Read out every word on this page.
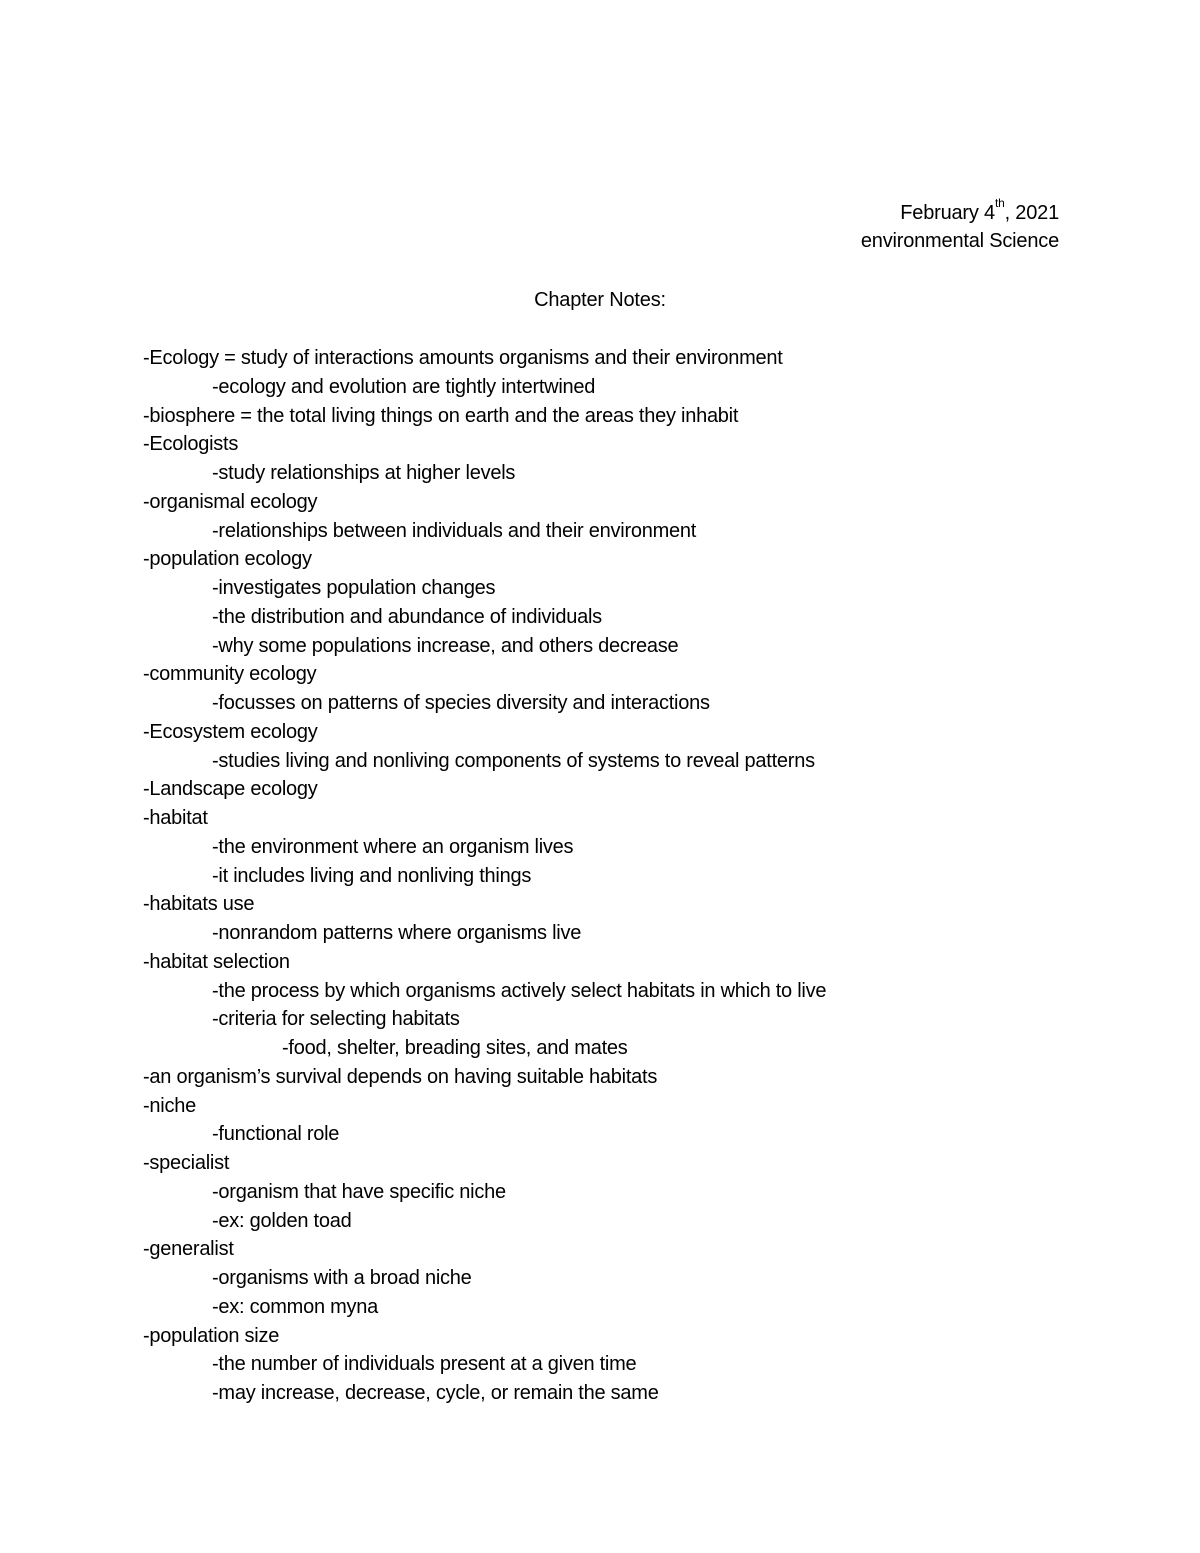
February 4th, 2021
environmental Science
Chapter Notes:
-Ecology = study of interactions amounts organisms and their environment
-ecology and evolution are tightly intertwined
-biosphere = the total living things on earth and the areas they inhabit
-Ecologists
-study relationships at higher levels
-organismal ecology
-relationships between individuals and their environment
-population ecology
-investigates population changes
-the distribution and abundance of individuals
-why some populations increase, and others decrease
-community ecology
-focusses on patterns of species diversity and interactions
-Ecosystem ecology
-studies living and nonliving components of systems to reveal patterns
-Landscape ecology
-habitat
-the environment where an organism lives
-it includes living and nonliving things
-habitats use
-nonrandom patterns where organisms live
-habitat selection
-the process by which organisms actively select habitats in which to live
-criteria for selecting habitats
-food, shelter, breading sites, and mates
-an organism’s survival depends on having suitable habitats
-niche
-functional role
-specialist
-organism that have specific niche
-ex: golden toad
-generalist
-organisms with a broad niche
-ex: common myna
-population size
-the number of individuals present at a given time
-may increase, decrease, cycle, or remain the same
